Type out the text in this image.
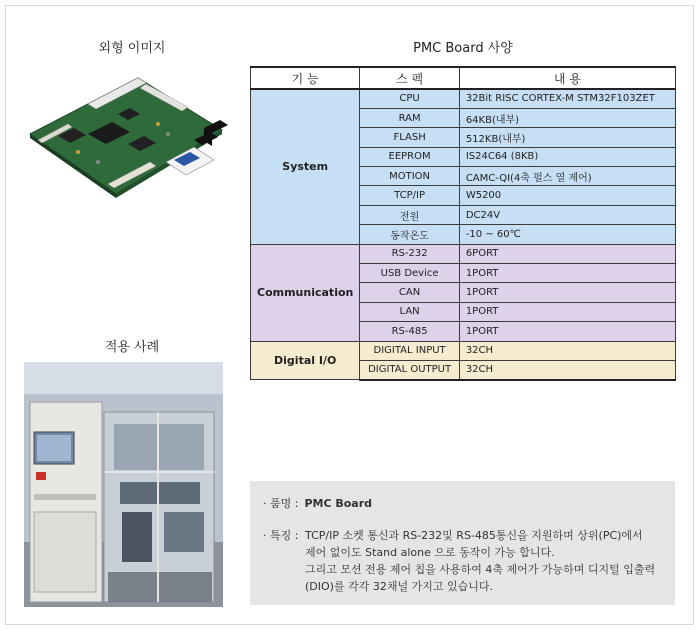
외형 이미지
적용 사례
PMC Board 사양
기 능	스 펙	내 용
System	CPU	32Bit RISC CORTEX-M STM32F103ZET
	RAM	64KB(내부)
	FLASH	512KB(내부)
	EEPROM	IS24C64 (8KB)
	MOTION	CAMC-QI(4축 펄스 열 제어)
	TCP/IP	W5200
	전원	DC24V
	동작온도	-10 ~ 60℃
Communication	RS-232	6PORT
	USB Device	1PORT
	CAN	1PORT
	LAN	1PORT
	RS-485	1PORT
Digital I/O	DIGITAL INPUT	32CH
	DIGITAL OUTPUT	32CH
· 품명 : PMC Board
· 특징 : TCP/IP 소켓 통신과 RS-232및 RS-485통신을 지원하며 상위(PC)에서
제어 없이도 Stand alone 으로 동작이 가능 합니다.
그리고 모션 전용 제어 칩을 사용하여 4축 제어가 가능하며 디지털 입출력
(DIO)를 각각 32채널 가지고 있습니다.
